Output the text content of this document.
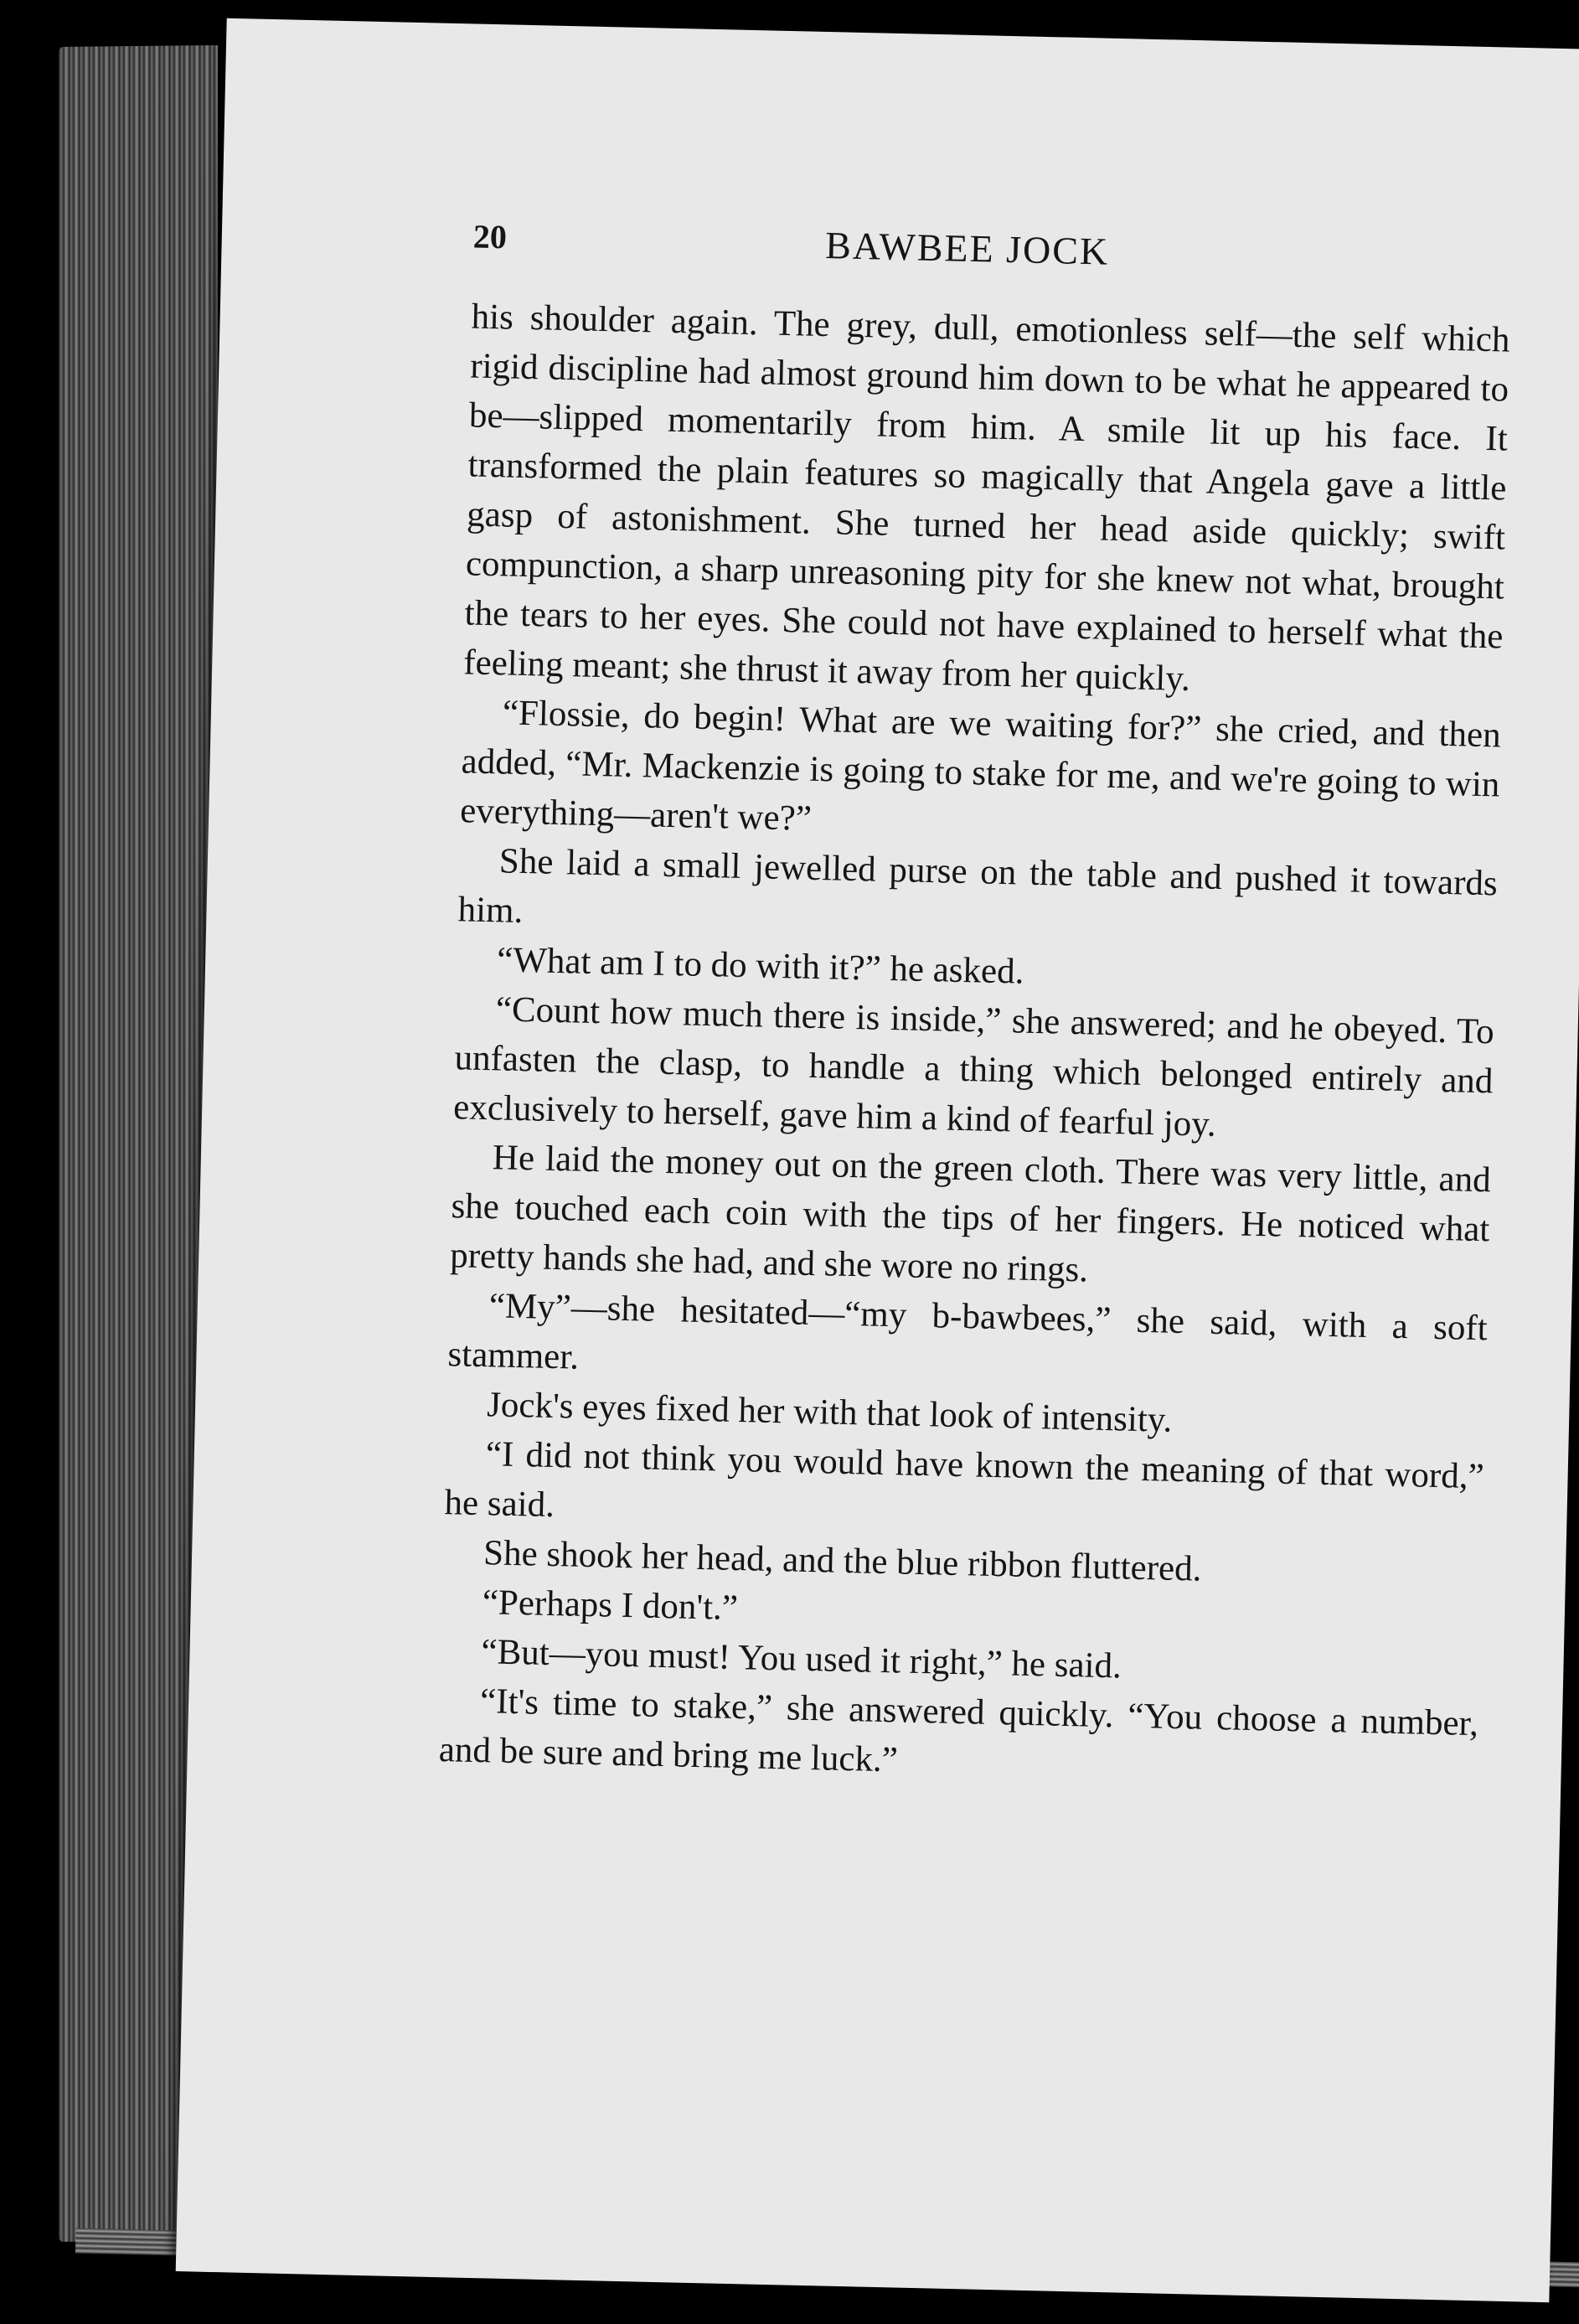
20	BAWBEE JOCK

his shoulder again. The grey, dull, emotionless self—the self which rigid discipline had almost ground him down to be what he appeared to be—slipped momentarily from him. A smile lit up his face. It transformed the plain features so magically that Angela gave a little gasp of astonishment. She turned her head aside quickly; swift compunction, a sharp unreasoning pity for she knew not what, brought the tears to her eyes. She could not have explained to herself what the feeling meant; she thrust it away from her quickly.

“Flossie, do begin! What are we waiting for?” she cried, and then added, “Mr. Mackenzie is going to stake for me, and we're going to win everything—aren't we?”

She laid a small jewelled purse on the table and pushed it towards him.

“What am I to do with it?” he asked.

“Count how much there is inside,” she answered; and he obeyed. To unfasten the clasp, to handle a thing which belonged entirely and exclusively to herself, gave him a kind of fearful joy.

He laid the money out on the green cloth. There was very little, and she touched each coin with the tips of her fingers. He noticed what pretty hands she had, and she wore no rings.

“My”—she hesitated—“my b-bawbees,” she said, with a soft stammer.

Jock's eyes fixed her with that look of intensity.

“I did not think you would have known the meaning of that word,” he said.

She shook her head, and the blue ribbon fluttered.

“Perhaps I don't.”

“But—you must! You used it right,” he said.

“It's time to stake,” she answered quickly. “You choose a number, and be sure and bring me luck.”
